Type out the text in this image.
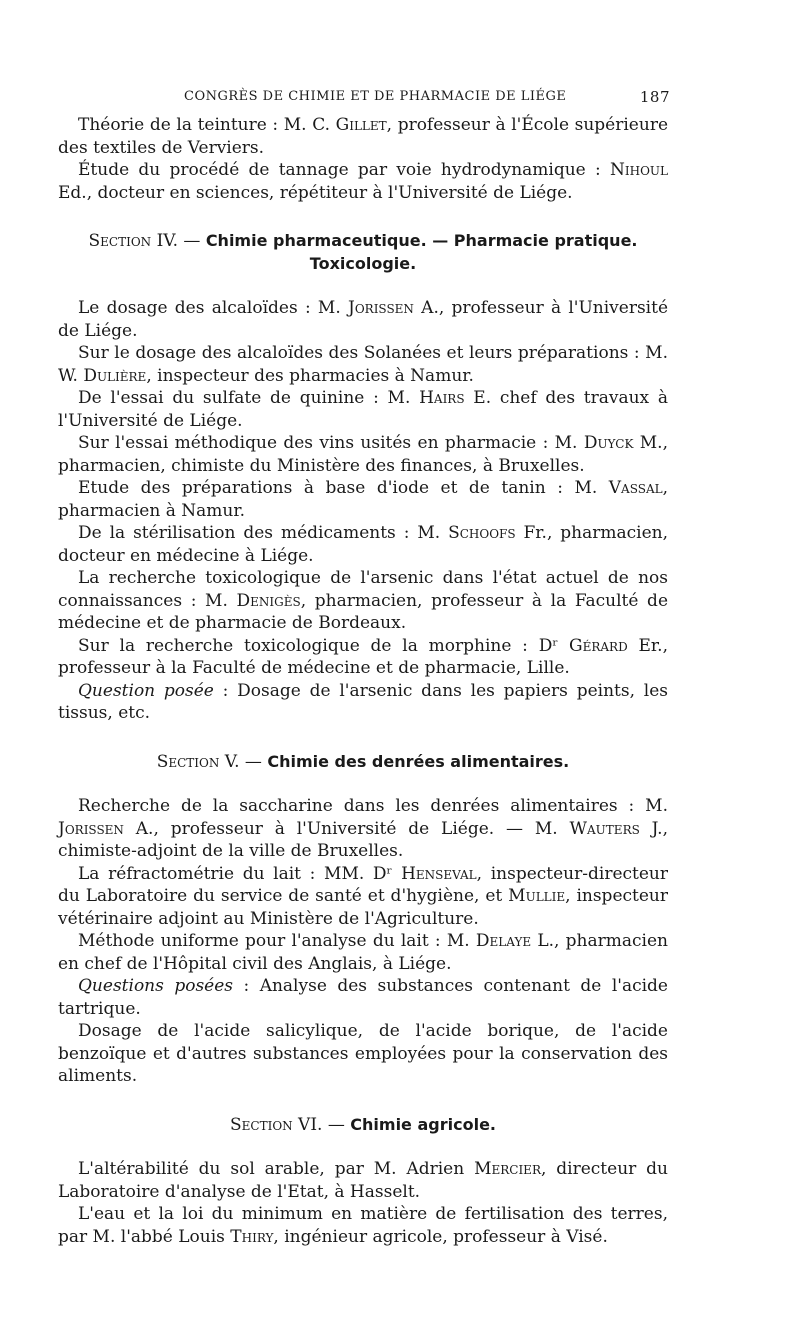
CONGRÈS DE CHIMIE ET DE PHARMACIE DE LIÉGE	187

Théorie de la teinture : M. C. Gillet, professeur à l'École supérieure des textiles de Verviers.

Étude du procédé de tannage par voie hydrodynamique : Nihoul Ed., docteur en sciences, répétiteur à l'Université de Liége.

Section IV. — Chimie pharmaceutique. — Pharmacie pratique.
Toxicologie.

Le dosage des alcaloïdes : M. Jorissen A., professeur à l'Université de Liége.

Sur le dosage des alcaloïdes des Solanées et leurs préparations : M. W. Dulière, inspecteur des pharmacies à Namur.

De l'essai du sulfate de quinine : M. Hairs E. chef des travaux à l'Université de Liége.

Sur l'essai méthodique des vins usités en pharmacie : M. Duyck M., pharmacien, chimiste du Ministère des finances, à Bruxelles.

Etude des préparations à base d'iode et de tanin : M. Vassal, pharmacien à Namur.

De la stérilisation des médicaments : M. Schoofs Fr., pharmacien, docteur en médecine à Liége.

La recherche toxicologique de l'arsenic dans l'état actuel de nos connaissances : M. Denigès, pharmacien, professeur à la Faculté de médecine et de pharmacie de Bordeaux.

Sur la recherche toxicologique de la morphine : Dʳ Gérard Er., professeur à la Faculté de médecine et de pharmacie, Lille.

Question posée : Dosage de l'arsenic dans les papiers peints, les tissus, etc.

Section V. — Chimie des denrées alimentaires.

Recherche de la saccharine dans les denrées alimentaires : M. Jorissen A., professeur à l'Université de Liége. — M. Wauters J., chimiste-adjoint de la ville de Bruxelles.

La réfractométrie du lait : MM. Dʳ Henseval, inspecteur-directeur du Laboratoire du service de santé et d'hygiène, et Mullie, inspecteur vétérinaire adjoint au Ministère de l'Agriculture.

Méthode uniforme pour l'analyse du lait : M. Delaye L., pharmacien en chef de l'Hôpital civil des Anglais, à Liége.

Questions posées : Analyse des substances contenant de l'acide tartrique.

Dosage de l'acide salicylique, de l'acide borique, de l'acide benzoïque et d'autres substances employées pour la conservation des aliments.

Section VI. — Chimie agricole.

L'altérabilité du sol arable, par M. Adrien Mercier, directeur du Laboratoire d'analyse de l'Etat, à Hasselt.

L'eau et la loi du minimum en matière de fertilisation des terres, par M. l'abbé Louis Thiry, ingénieur agricole, professeur à Visé.
